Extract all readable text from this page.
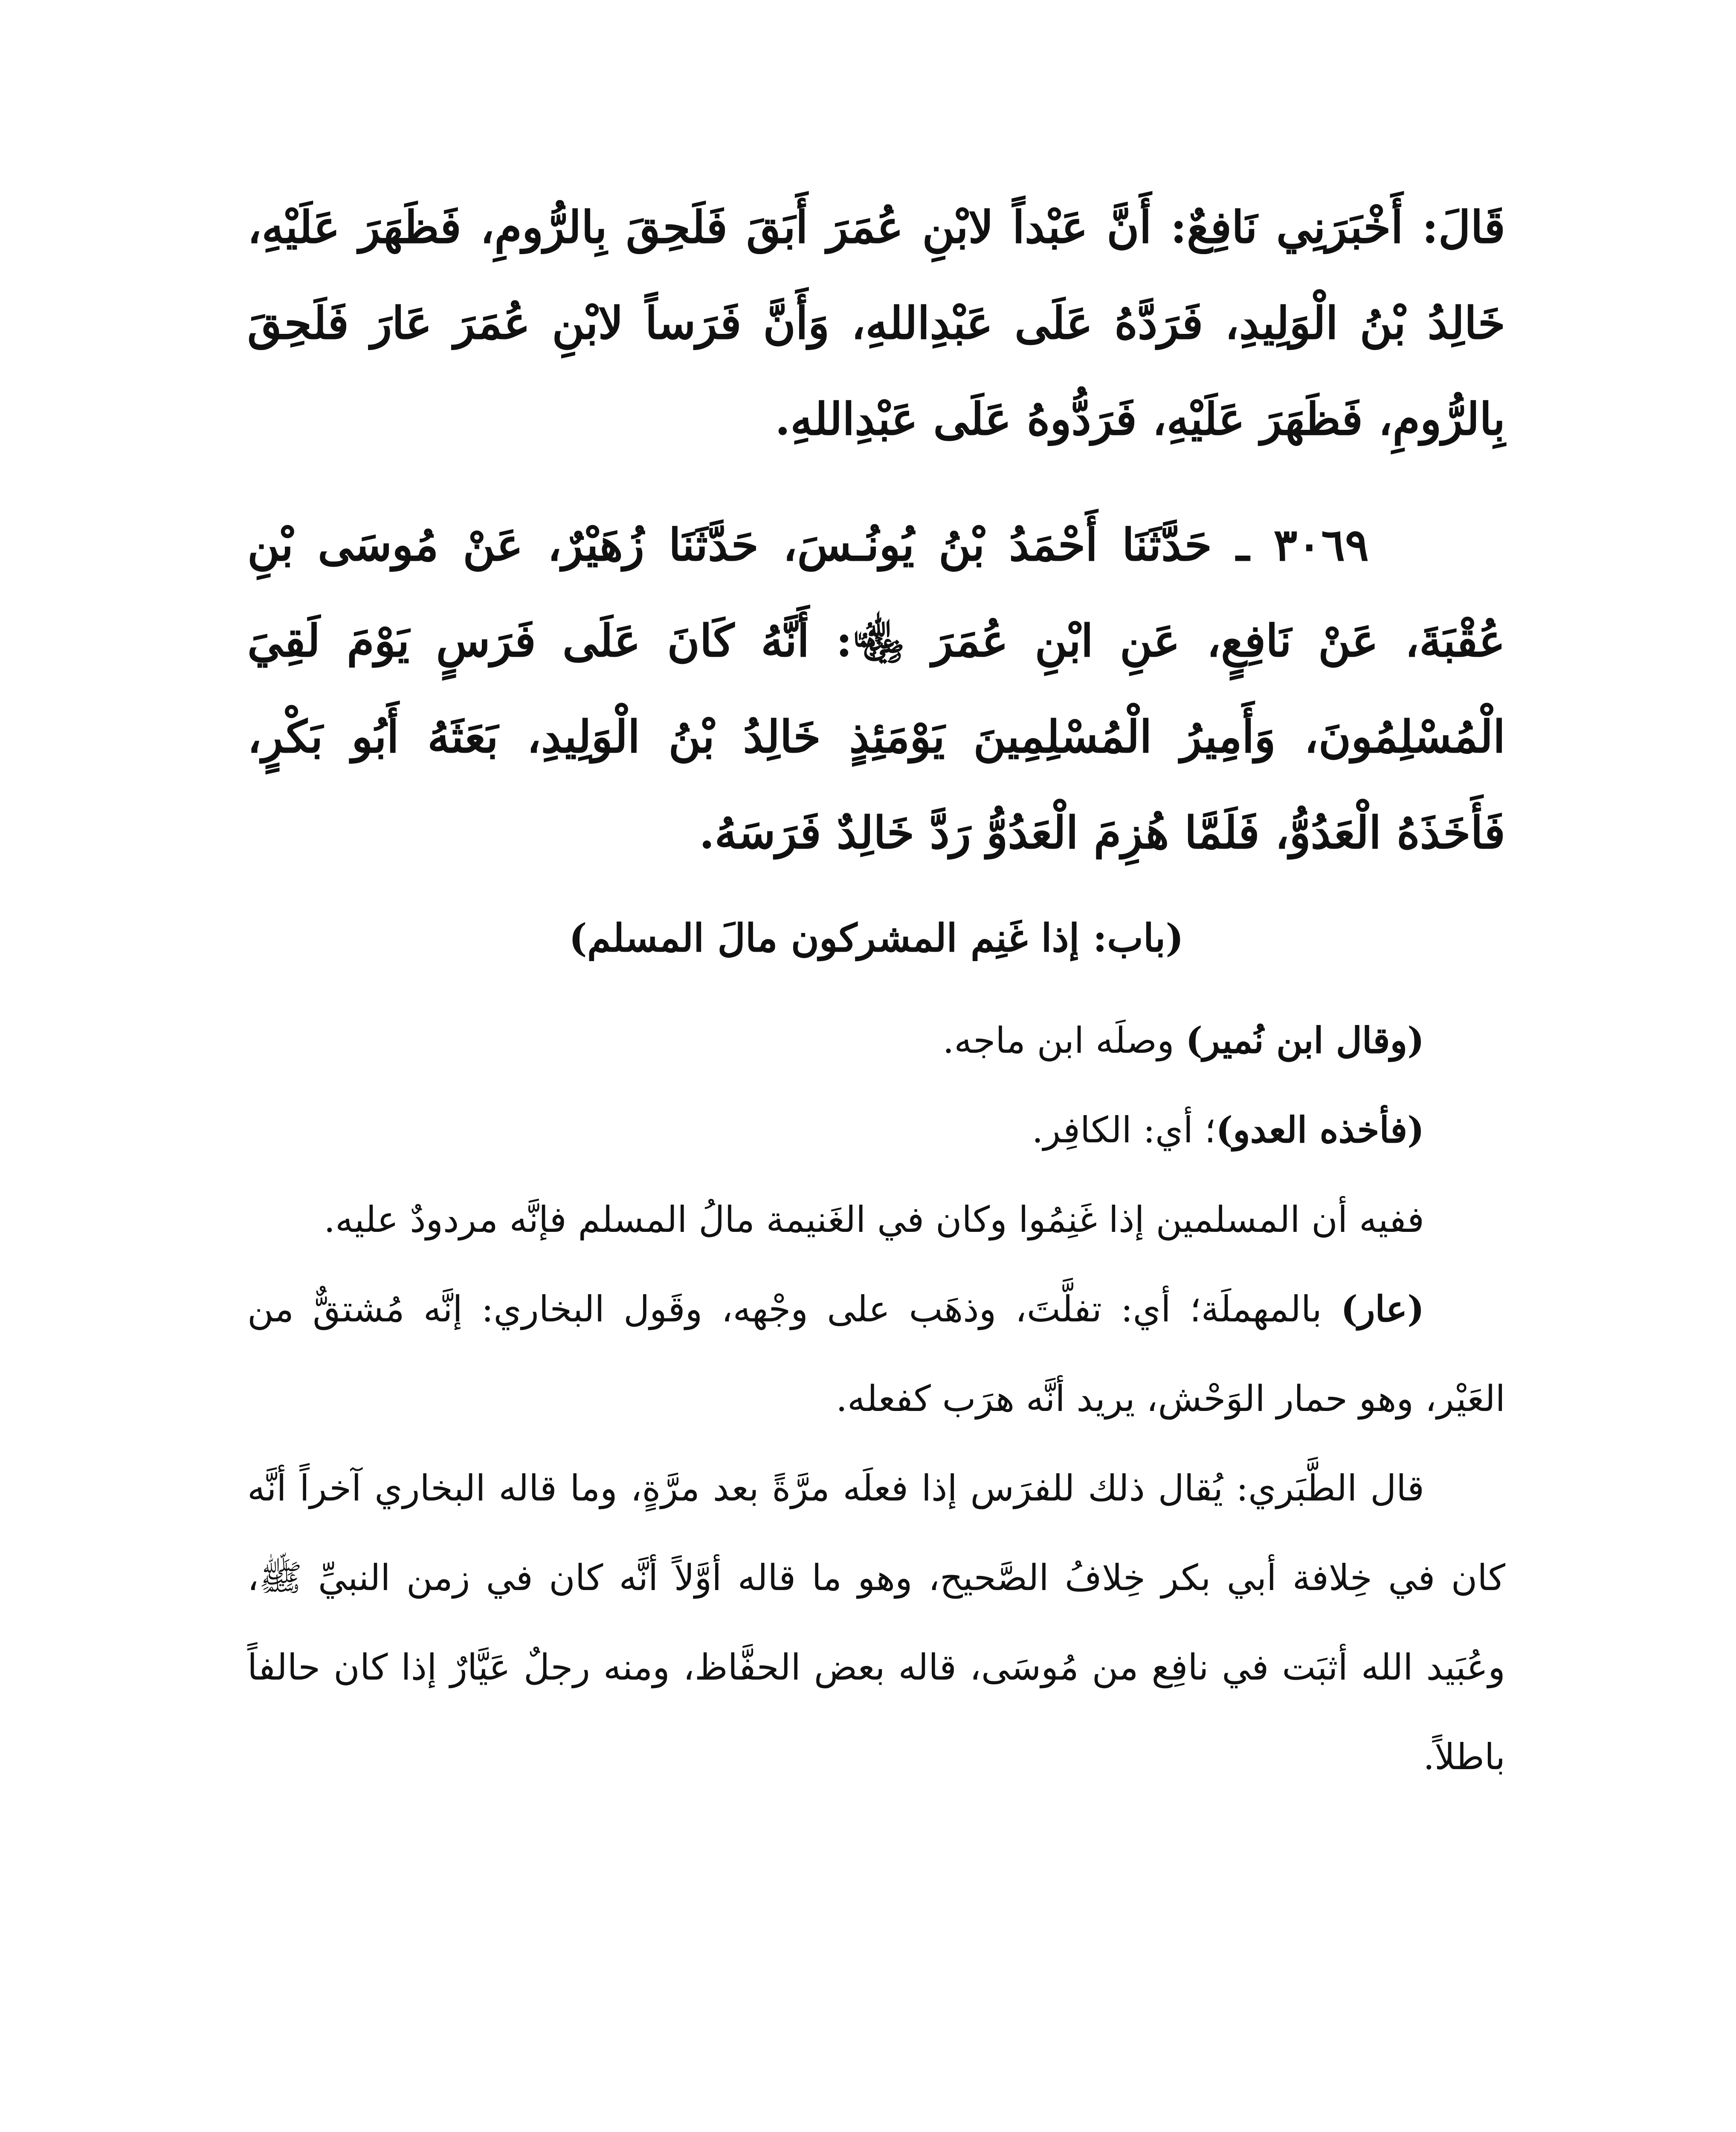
قَالَ: أَخْبَرَنِي نَافِعٌ: أَنَّ عَبْداً لابْنِ عُمَرَ أَبَقَ فَلَحِقَ بِالرُّومِ، فَظَهَرَ عَلَيْهِ، خَالِدُ بْنُ الْوَلِيدِ، فَرَدَّهُ عَلَى عَبْدِاللهِ، وَأَنَّ فَرَساً لابْنِ عُمَرَ عَارَ فَلَحِقَ بِالرُّومِ، فَظَهَرَ عَلَيْهِ، فَرَدُّوهُ عَلَى عَبْدِاللهِ.

٣٠٦٩ ـ حَدَّثَنَا أَحْمَدُ بْنُ يُونُـسَ، حَدَّثَنَا زُهَيْرٌ، عَنْ مُوسَى بْنِ عُقْبَةَ، عَنْ نَافِعٍ، عَنِ ابْنِ عُمَرَ ﵄: أَنَّهُ كَانَ عَلَى فَرَسٍ يَوْمَ لَقِيَ الْمُسْلِمُونَ، وَأَمِيرُ الْمُسْلِمِينَ يَوْمَئِذٍ خَالِدُ بْنُ الْوَلِيدِ، بَعَثَهُ أَبُو بَكْرٍ، فَأَخَذَهُ الْعَدُوُّ، فَلَمَّا هُزِمَ الْعَدُوُّ رَدَّ خَالِدٌ فَرَسَهُ.

(باب: إذا غَنِم المشركون مالَ المسلم)

(وقال ابن نُمير) وصلَه ابن ماجه.

(فأخذه العدو)؛ أي: الكافِر.

ففيه أن المسلمين إذا غَنِمُوا وكان في الغَنيمة مالُ المسلم فإنَّه مردودٌ عليه.

(عار) بالمهملَة؛ أي: تفلَّتَ، وذهَب على وجْهه، وقَول البخاري: إنَّه مُشتقٌّ من العَيْر، وهو حمار الوَحْش، يريد أنَّه هرَب كفعله.

قال الطَّبَري: يُقال ذلك للفرَس إذا فعلَه مرَّةً بعد مرَّةٍ، وما قاله البخاري آخراً أنَّه كان في خِلافة أبي بكر خِلافُ الصَّحيح، وهو ما قاله أوَّلاً أنَّه كان في زمن النبيِّ ﷺ، وعُبَيد الله أثبَت في نافِع من مُوسَى، قاله بعض الحفَّاظ، ومنه رجلٌ عَيَّارٌ إذا كان حالفاً باطلاً.
